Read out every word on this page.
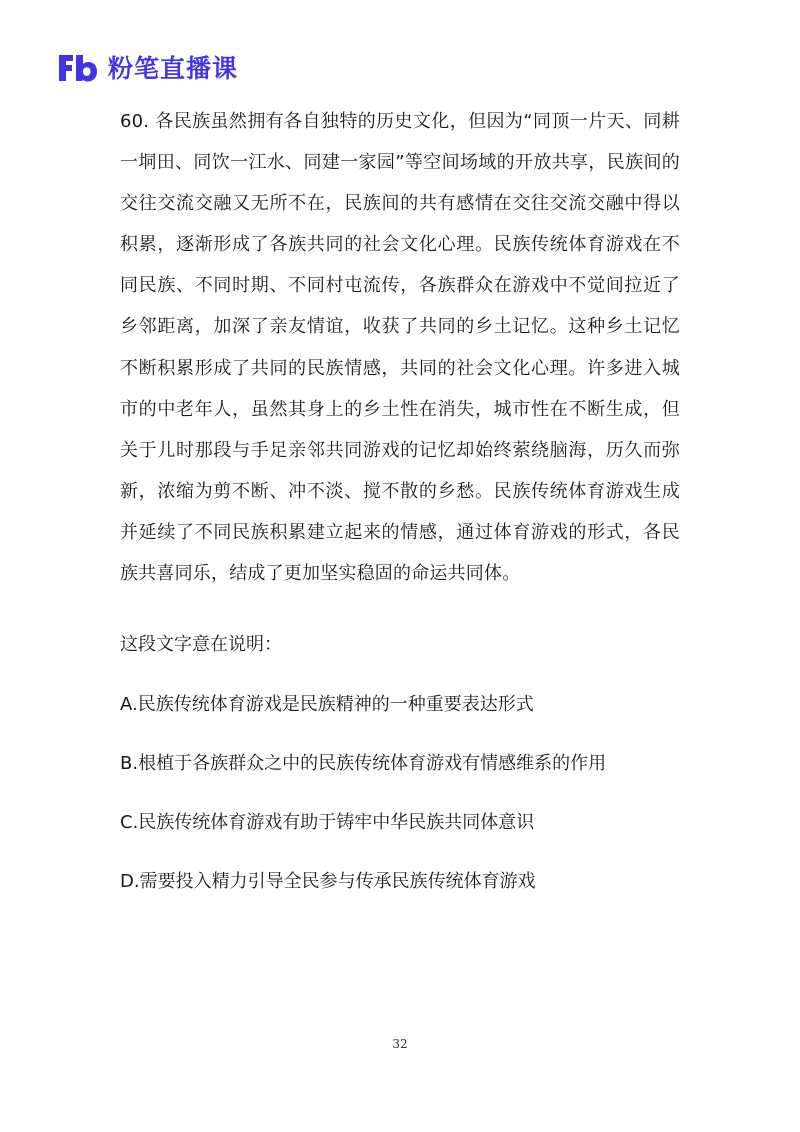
粉笔直播课

60. 各民族虽然拥有各自独特的历史文化，但因为“同顶一片天、同耕一垌田、同饮一江水、同建一家园”等空间场域的开放共享，民族间的交往交流交融又无所不在，民族间的共有感情在交往交流交融中得以积累，逐渐形成了各族共同的社会文化心理。民族传统体育游戏在不同民族、不同时期、不同村屯流传，各族群众在游戏中不觉间拉近了乡邻距离，加深了亲友情谊，收获了共同的乡土记忆。这种乡土记忆不断积累形成了共同的民族情感，共同的社会文化心理。许多进入城市的中老年人，虽然其身上的乡土性在消失，城市性在不断生成，但关于儿时那段与手足亲邻共同游戏的记忆却始终萦绕脑海，历久而弥新，浓缩为剪不断、冲不淡、搅不散的乡愁。民族传统体育游戏生成并延续了不同民族积累建立起来的情感，通过体育游戏的形式，各民族共喜同乐，结成了更加坚实稳固的命运共同体。

这段文字意在说明：

A.民族传统体育游戏是民族精神的一种重要表达形式
B.根植于各族群众之中的民族传统体育游戏有情感维系的作用
C.民族传统体育游戏有助于铸牢中华民族共同体意识
D.需要投入精力引导全民参与传承民族传统体育游戏
32
